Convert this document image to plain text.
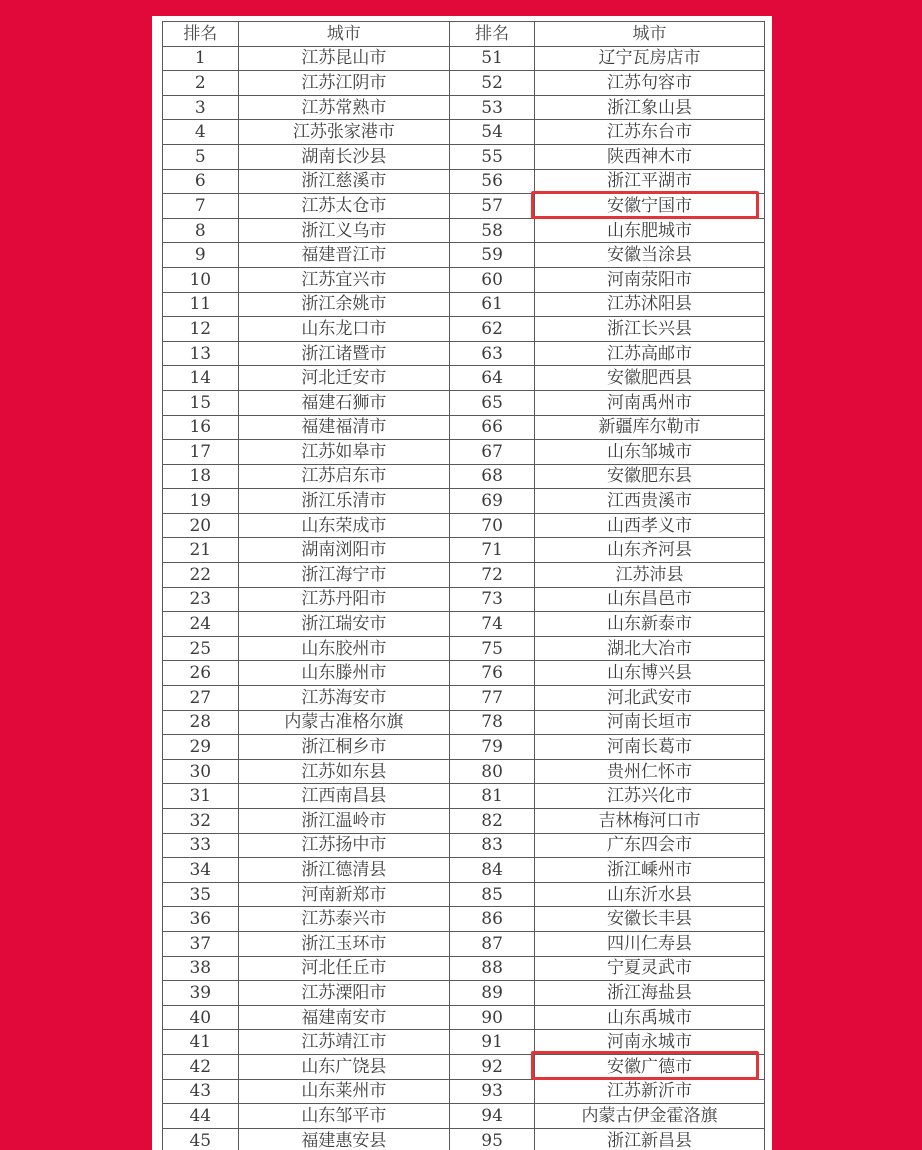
排名	城市	排名	城市
1	江苏昆山市	51	辽宁瓦房店市
2	江苏江阴市	52	江苏句容市
3	江苏常熟市	53	浙江象山县
4	江苏张家港市	54	江苏东台市
5	湖南长沙县	55	陕西神木市
6	浙江慈溪市	56	浙江平湖市
7	江苏太仓市	57	安徽宁国市
8	浙江义乌市	58	山东肥城市
9	福建晋江市	59	安徽当涂县
10	江苏宜兴市	60	河南荥阳市
11	浙江余姚市	61	江苏沭阳县
12	山东龙口市	62	浙江长兴县
13	浙江诸暨市	63	江苏高邮市
14	河北迁安市	64	安徽肥西县
15	福建石狮市	65	河南禹州市
16	福建福清市	66	新疆库尔勒市
17	江苏如皋市	67	山东邹城市
18	江苏启东市	68	安徽肥东县
19	浙江乐清市	69	江西贵溪市
20	山东荣成市	70	山西孝义市
21	湖南浏阳市	71	山东齐河县
22	浙江海宁市	72	江苏沛县
23	江苏丹阳市	73	山东昌邑市
24	浙江瑞安市	74	山东新泰市
25	山东胶州市	75	湖北大冶市
26	山东滕州市	76	山东博兴县
27	江苏海安市	77	河北武安市
28	内蒙古准格尔旗	78	河南长垣市
29	浙江桐乡市	79	河南长葛市
30	江苏如东县	80	贵州仁怀市
31	江西南昌县	81	江苏兴化市
32	浙江温岭市	82	吉林梅河口市
33	江苏扬中市	83	广东四会市
34	浙江德清县	84	浙江嵊州市
35	河南新郑市	85	山东沂水县
36	江苏泰兴市	86	安徽长丰县
37	浙江玉环市	87	四川仁寿县
38	河北任丘市	88	宁夏灵武市
39	江苏溧阳市	89	浙江海盐县
40	福建南安市	90	山东禹城市
41	江苏靖江市	91	河南永城市
42	山东广饶县	92	安徽广德市
43	山东莱州市	93	江苏新沂市
44	山东邹平市	94	内蒙古伊金霍洛旗
45	福建惠安县	95	浙江新昌县
